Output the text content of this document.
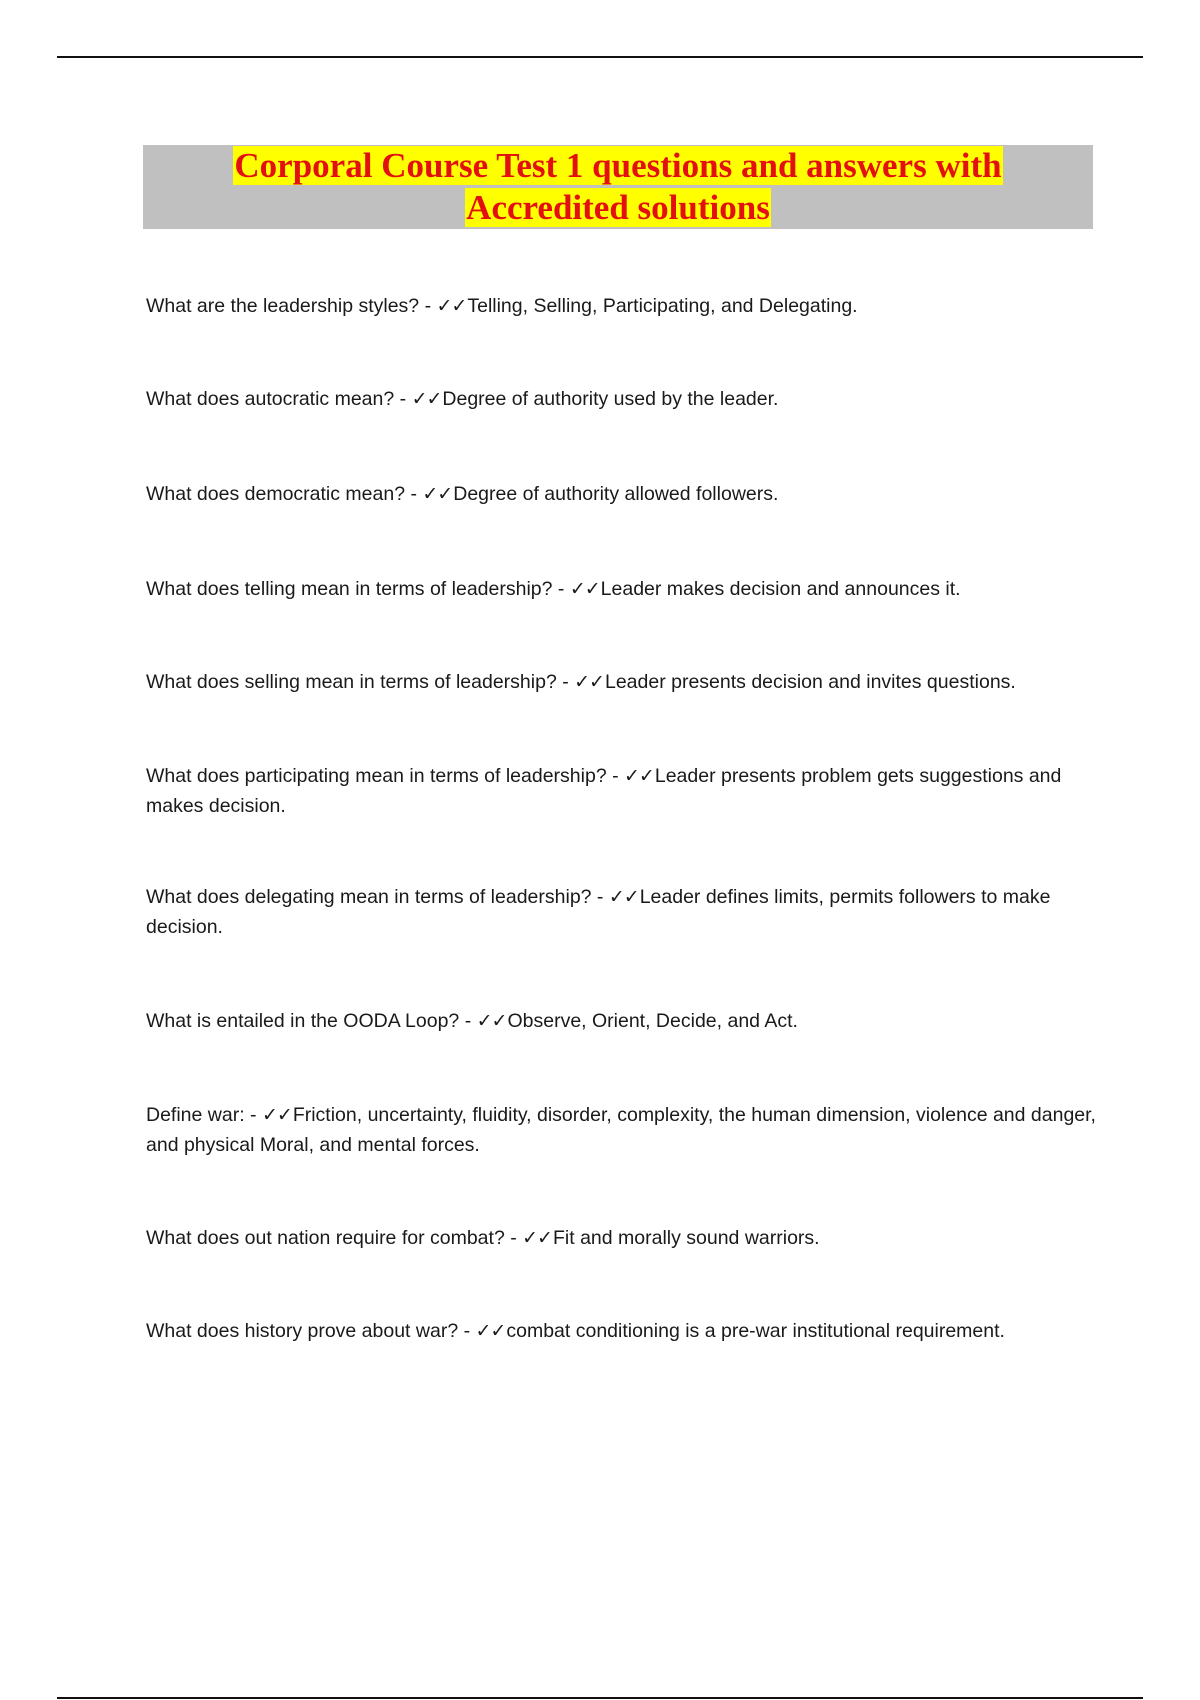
Corporal Course Test 1 questions and answers with
Accredited solutions

What are the leadership styles? - ✓✓Telling, Selling, Participating, and Delegating.

What does autocratic mean? - ✓✓Degree of authority used by the leader.

What does democratic mean? - ✓✓Degree of authority allowed followers.

What does telling mean in terms of leadership? - ✓✓Leader makes decision and announces it.

What does selling mean in terms of leadership? - ✓✓Leader presents decision and invites questions.

What does participating mean in terms of leadership? - ✓✓Leader presents problem gets suggestions and makes decision.

What does delegating mean in terms of leadership? - ✓✓Leader defines limits, permits followers to make decision.

What is entailed in the OODA Loop? - ✓✓Observe, Orient, Decide, and Act.

Define war: - ✓✓Friction, uncertainty, fluidity, disorder, complexity, the human dimension, violence and danger, and physical Moral, and mental forces.

What does out nation require for combat? - ✓✓Fit and morally sound warriors.

What does history prove about war? - ✓✓combat conditioning is a pre-war institutional requirement.
